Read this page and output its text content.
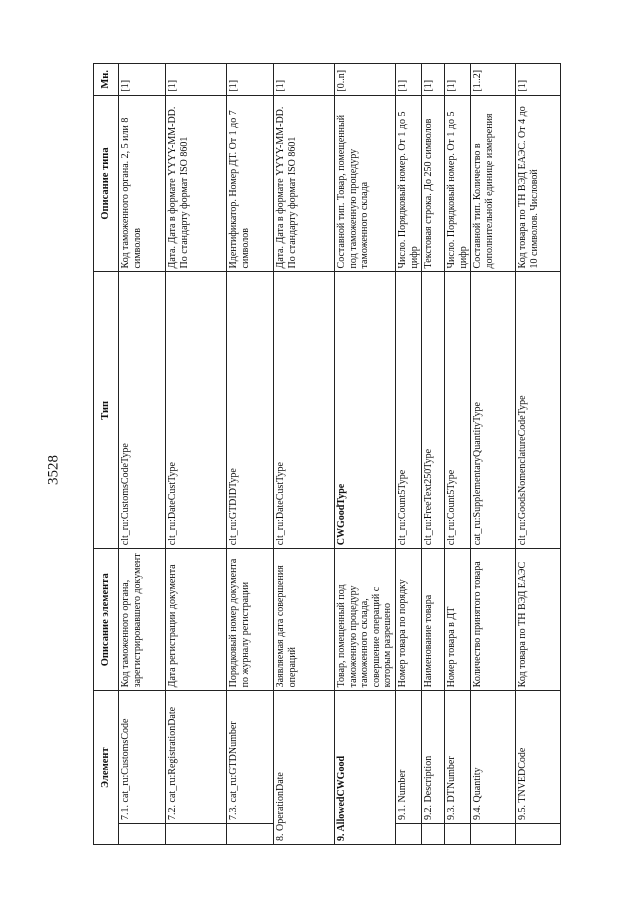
3528
Элемент		Описание элемента	Тип	Описание типа	Мн.
	7.1. cat_ru:CustomsCode	Код таможенного органа, зарегистрировавшего документ	clt_ru:CustomsCodeType	Код таможенного органа. 2, 5 или 8 символов	[1]
	7.2. cat_ru:RegistrationDate	Дата регистрации документа	clt_ru:DateCustType	Дата. Дата в формате YYYY-MM-DD. По стандарту формат ISO 8601	[1]
	7.3. cat_ru:GTDNumber	Порядковый номер документа по журналу регистрации	clt_ru:GTDIDType	Идентификатор. Номер ДТ. От 1 до 7 символов	[1]
8. OperationDate		Заявляемая дата совершения операций	clt_ru:DateCustType	Дата. Дата в формате YYYY-MM-DD. По стандарту формат ISO 8601	[1]
9. AllowedCWGood		Товар, помещенный под таможенную процедуру таможенного склада, совершение операций с которым разрешено	CWGoodType	Составной тип. Товар, помещенный под таможенную процедуру таможенного склада	[0..n]
	9.1. Number	Номер товара по порядку	clt_ru:Count5Type	Число. Порядковый номер. От 1 до 5 цифр	[1]
	9.2. Description	Наименование товара	clt_ru:FreeText250Type	Текстовая строка. До 250 символов	[1]
	9.3. DTNumber	Номер товара в ДТ	clt_ru:Count5Type	Число. Порядковый номер. От 1 до 5 цифр	[1]
	9.4. Quantity	Количество принятого товара	cat_ru:SupplementaryQuantityType	Составной тип. Количество в дополнительной единице измерения	[1..2]
	9.5. TNVEDCode	Код товара по ТН ВЭД ЕАЭС	clt_ru:GoodsNomenclatureCodeType	Код товара по ТН ВЭД ЕАЭС. От 4 до 10 символов. Числовой	[1]
